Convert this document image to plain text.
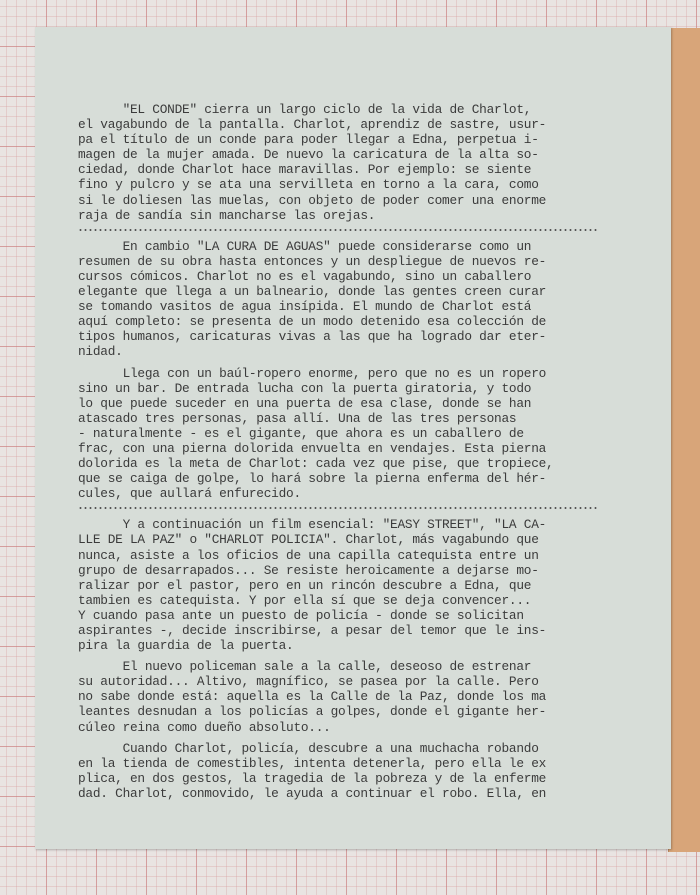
"EL CONDE" cierra un largo ciclo de la vida de Charlot,
el vagabundo de la pantalla. Charlot, aprendiz de sastre, usur-
pa el título de un conde para poder llegar a Edna, perpetua i-
magen de la mujer amada. De nuevo la caricatura de la alta so-
ciedad, donde Charlot hace maravillas. Por ejemplo: se siente
fino y pulcro y se ata una servilleta en torno a la cara, como
si le doliesen las muelas, con objeto de poder comer una enorme
raja de sandía sin mancharse las orejas.
En cambio "LA CURA DE AGUAS" puede considerarse como un
resumen de su obra hasta entonces y un despliegue de nuevos re-
cursos cómicos. Charlot no es el vagabundo, sino un caballero
elegante que llega a un balneario, donde las gentes creen curar
se tomando vasitos de agua insípida. El mundo de Charlot está
aquí completo: se presenta de un modo detenido esa colección de
tipos humanos, caricaturas vivas a las que ha logrado dar eter-
nidad.
Llega con un baúl-ropero enorme, pero que no es un ropero
sino un bar. De entrada lucha con la puerta giratoria, y todo
lo que puede suceder en una puerta de esa clase, donde se han
atascado tres personas, pasa allí. Una de las tres personas
- naturalmente - es el gigante, que ahora es un caballero de
frac, con una pierna dolorida envuelta en vendajes. Esta pierna
dolorida es la meta de Charlot: cada vez que pise, que tropiece,
que se caiga de golpe, lo hará sobre la pierna enferma del hér-
cules, que aullará enfurecido.
Y a continuación un film esencial: "EASY STREET", "LA CA-
LLE DE LA PAZ" o "CHARLOT POLICIA". Charlot, más vagabundo que
nunca, asiste a los oficios de una capilla catequista entre un
grupo de desarrapados... Se resiste heroicamente a dejarse mo-
ralizar por el pastor, pero en un rincón descubre a Edna, que
tambien es catequista. Y por ella sí que se deja convencer...
Y cuando pasa ante un puesto de policía - donde se solicitan
aspirantes -, decide inscribirse, a pesar del temor que le ins-
pira la guardia de la puerta.
El nuevo policeman sale a la calle, deseoso de estrenar
su autoridad... Altivo, magnífico, se pasea por la calle. Pero
no sabe donde está: aquella es la Calle de la Paz, donde los ma
leantes desnudan a los policías a golpes, donde el gigante her-
cúleo reina como dueño absoluto...
Cuando Charlot, policía, descubre a una muchacha robando
en la tienda de comestibles, intenta detenerla, pero ella le ex
plica, en dos gestos, la tragedia de la pobreza y de la enferme
dad. Charlot, conmovido, le ayuda a continuar el robo. Ella, en
